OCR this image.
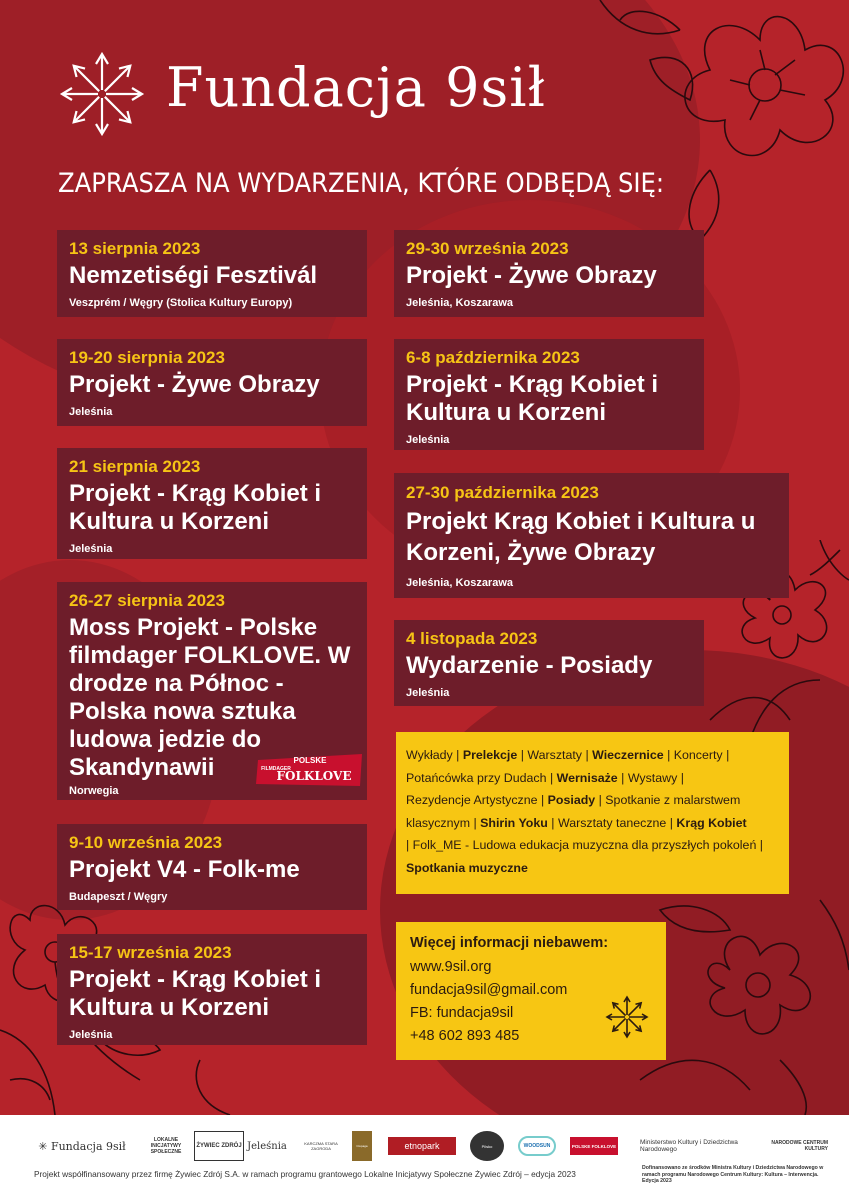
Fundacja 9sił
ZAPRASZA NA WYDARZENIA, KTÓRE ODBĘDĄ SIĘ:
13 sierpnia 2023
Nemzetiségi Fesztivál
Veszprém / Węgry (Stolica Kultury Europy)
19-20 sierpnia 2023
Projekt - Żywe Obrazy
Jeleśnia
21 sierpnia 2023
Projekt - Krąg Kobiet i Kultura u Korzeni
Jeleśnia
26-27 sierpnia 2023
Moss Projekt - Polske filmdager FOLKLOVE. W drodze na Północ - Polska nowa sztuka ludowa jedzie do Skandynawii
Norwegia
POLSKE
FILMDAGER
FOLKLOVE
9-10 września 2023
Projekt V4 - Folk-me
Budapeszt / Węgry
15-17 września 2023
Projekt - Krąg Kobiet i Kultura u Korzeni
Jeleśnia
29-30 września 2023
Projekt - Żywe Obrazy
Jeleśnia, Koszarawa
6-8 października 2023
Projekt - Krąg Kobiet i Kultura u Korzeni
Jeleśnia
27-30 października 2023
Projekt Krąg Kobiet i Kultura u Korzeni, Żywe Obrazy
Jeleśnia, Koszarawa
4 listopada 2023
Wydarzenie - Posiady
Jeleśnia
Wykłady | Prelekcje | Warsztaty | Wieczernice | Koncerty |
Potańcówka przy Dudach | Wernisaże | Wystawy |
Rezydencje Artystyczne | Posiady | Spotkanie z malarstwem klasycznym | Shirin Yoku | Warsztaty taneczne | Krąg Kobiet
| Folk_ME - Ludowa edukacja muzyczna dla przyszłych pokoleń | Spotkania muzyczne
Więcej informacji niebawem:
www.9sil.org
fundacja9sil@gmail.com
FB: fundacja9sil
+48 602 893 485
✳ Fundacja 9sił	LOKALNE INICJATYWY SPOŁECZNE
ŻYWIEC ZDRÓJ Jeleśnia	KARCZMA STARA ZAGRODA	Ciupaga	etnopark	Pilsko	WOODSUN	POLSKE FOLKLOVE	Ministerstwo Kultury i Dziedzictwa Narodowego
NARODOWE CENTRUM KULTURY
Projekt współfinansowany przez firmę Żywiec Zdrój S.A. w ramach programu grantowego Lokalne Inicjatywy Społeczne Żywiec Zdrój – edycja 2023
Dofinansowano ze środków Ministra Kultury i Dziedzictwa Narodowego w ramach programu Narodowego Centrum Kultury: Kultura – Interwencja. Edycja 2023
